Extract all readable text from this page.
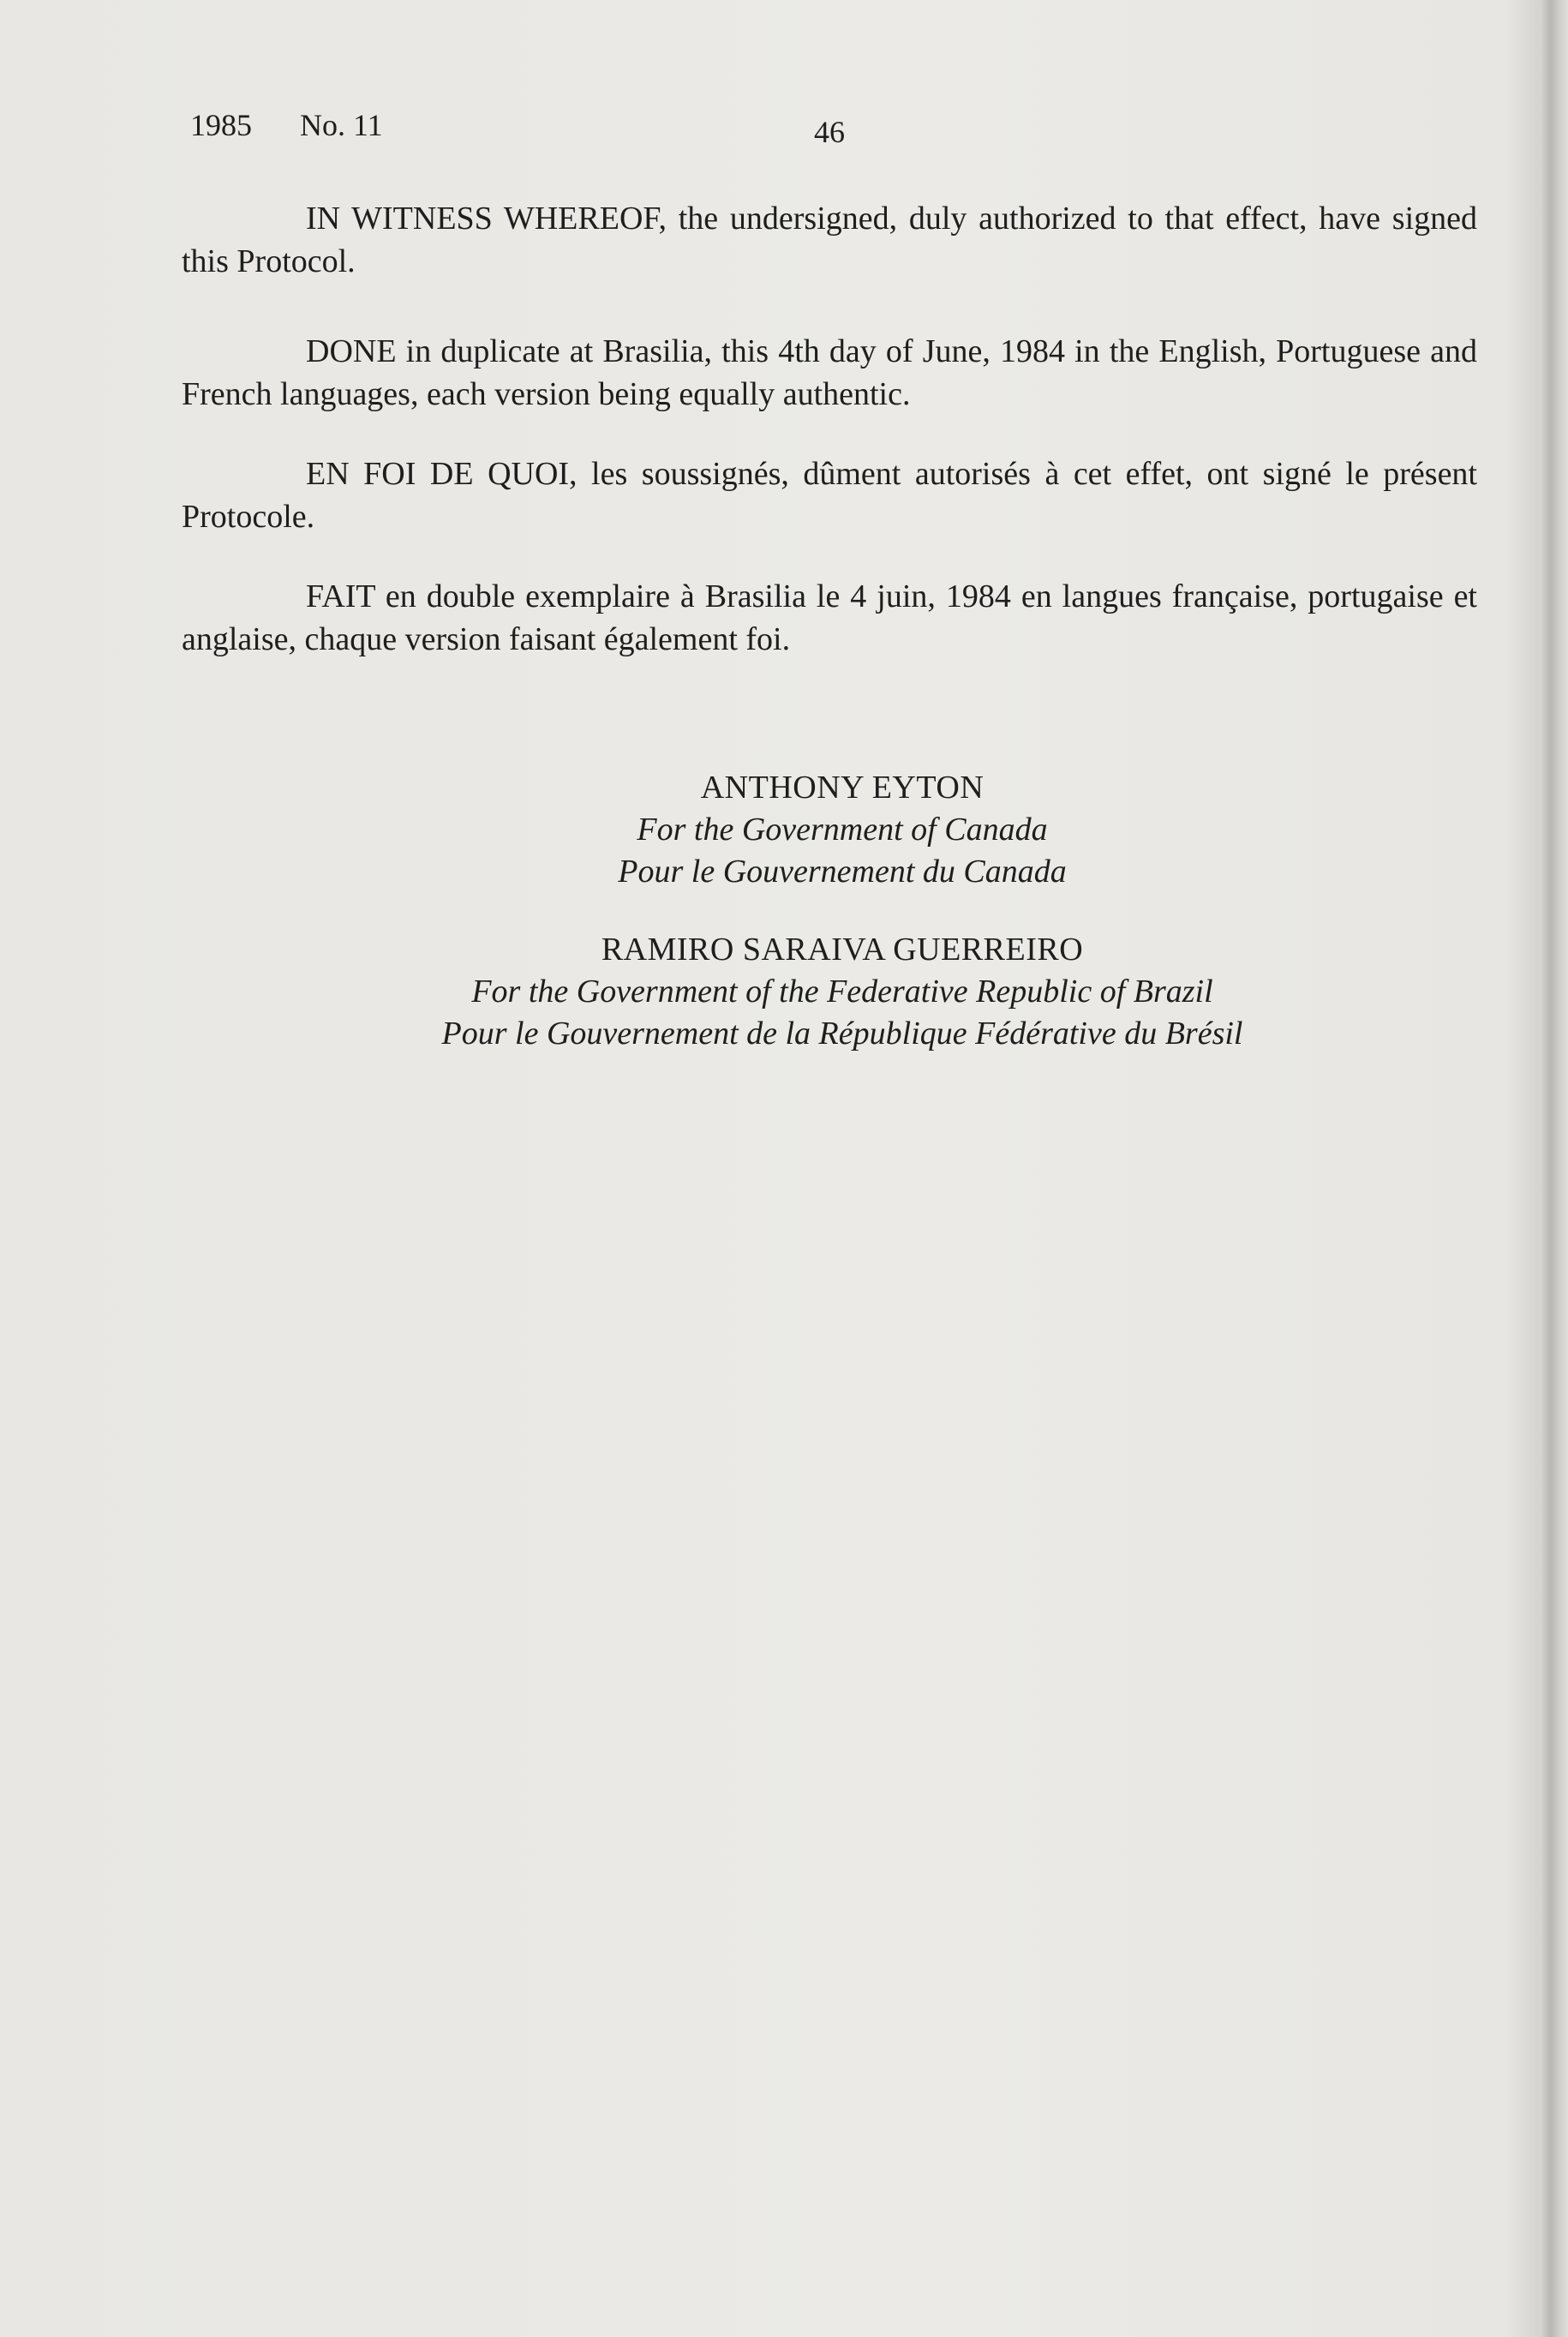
1985 No. 11	46

IN WITNESS WHEREOF, the undersigned, duly authorized to that effect, have signed this Protocol.

DONE in duplicate at Brasilia, this 4th day of June, 1984 in the English, Portuguese and French languages, each version being equally authentic.

EN FOI DE QUOI, les soussignés, dûment autorisés à cet effet, ont signé le présent Protocole.

FAIT en double exemplaire à Brasilia le 4 juin, 1984 en langues française, portugaise et anglaise, chaque version faisant également foi.

ANTHONY EYTON
For the Government of Canada
Pour le Gouvernement du Canada
RAMIRO SARAIVA GUERREIRO
For the Government of the Federative Republic of Brazil
Pour le Gouvernement de la République Fédérative du Brésil
